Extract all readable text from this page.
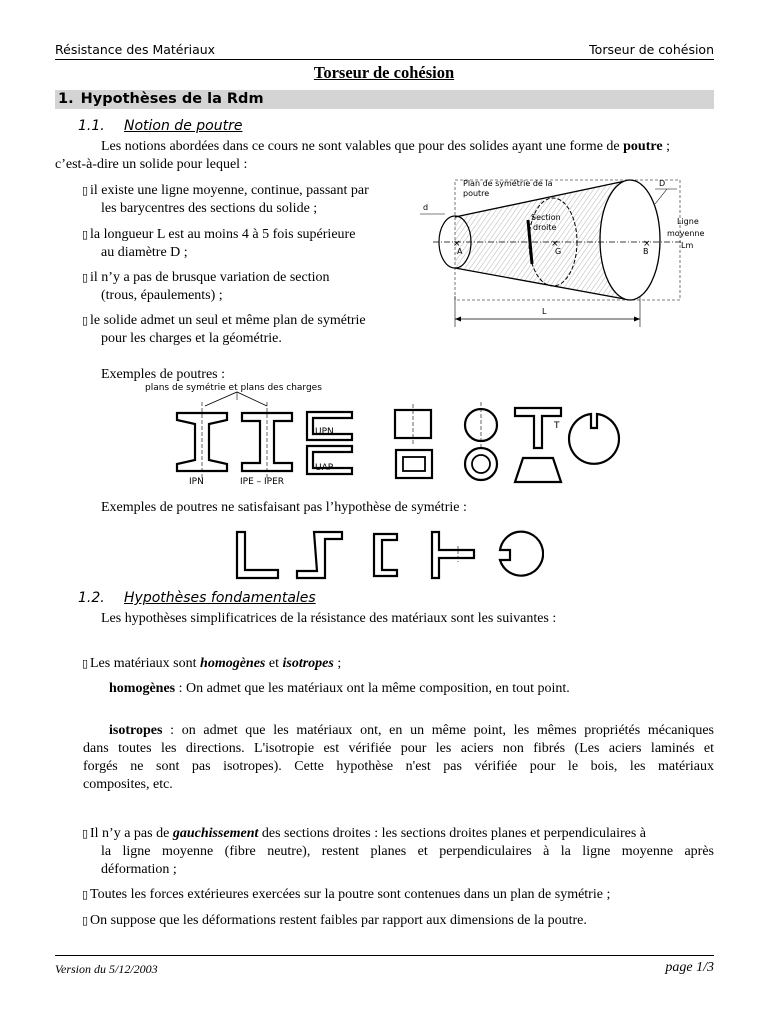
Résistance des Matériaux	Torseur de cohésion
Torseur de cohésion
1. Hypothèses de la Rdm
1.1. Notion de poutre
Les notions abordées dans ce cours ne sont valables que pour des solides ayant une forme de poutre ;
c’est-à-dire un solide pour lequel :
▯ il existe une ligne moyenne, continue, passant par
les barycentres des sections du solide ;
▯ la longueur L est au moins 4 à 5 fois supérieure
au diamètre D ;
▯ il n’y a pas de brusque variation de section
(trous, épaulements) ;
▯ le solide admet un seul et même plan de symétrie
pour les charges et la géométrie.
×	×	×
A	G	B
d
D
Plan de symétrie de la poutre
Section droite
Ligne moyenne Lm
L
Exemples de poutres :
plans de symétrie et plans des charges
IPN	IPE – IPER
UPN
UAP
T
Exemples de poutres ne satisfaisant pas l’hypothèse de symétrie :
1.2. Hypothèses fondamentales
Les hypothèses simplificatrices de la résistance des matériaux sont les suivantes :
▯ Les matériaux sont homogènes et isotropes ;
homogènes : On admet que les matériaux ont la même composition, en tout point.
isotropes : on admet que les matériaux ont, en un même point, les mêmes propriétés mécaniques
dans toutes les directions. L'isotropie est vérifiée pour les aciers non fibrés (Les aciers laminés et
forgés ne sont pas isotropes). Cette hypothèse n'est pas vérifiée pour le bois, les matériaux
composites, etc.
▯ Il n’y a pas de gauchissement des sections droites : les sections droites planes et perpendiculaires à
la ligne moyenne (fibre neutre), restent planes et perpendiculaires à la ligne moyenne après
déformation ;
▯ Toutes les forces extérieures exercées sur la poutre sont contenues dans un plan de symétrie ;
▯ On suppose que les déformations restent faibles par rapport aux dimensions de la poutre.
Version du 5/12/2003	page 1/3
